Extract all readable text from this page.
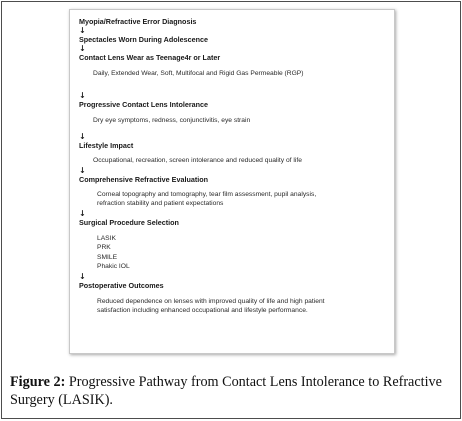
Myopia/Refractive Error Diagnosis
↓
Spectacles Worn During Adolescence
↓
Contact Lens Wear as Teenage4r or Later
Daily, Extended Wear, Soft, Multifocal and Rigid Gas Permeable (RGP)
↓
Progressive Contact Lens Intolerance
Dry eye symptoms, redness, conjunctivitis, eye strain
↓
Lifestyle Impact
Occupational, recreation, screen intolerance and reduced quality of life
↓
Comprehensive Refractive Evaluation
Corneal topography and tomography, tear film assessment, pupil analysis,
refraction stability and patient expectations
↓
Surgical Procedure Selection
LASIK
PRK
SMILE
Phakic IOL
↓
Postoperative Outcomes
Reduced dependence on lenses with improved quality of life and high patient
satisfaction including enhanced occupational and lifestyle performance.
Figure 2: Progressive Pathway from Contact Lens Intolerance to Refractive Surgery (LASIK).
